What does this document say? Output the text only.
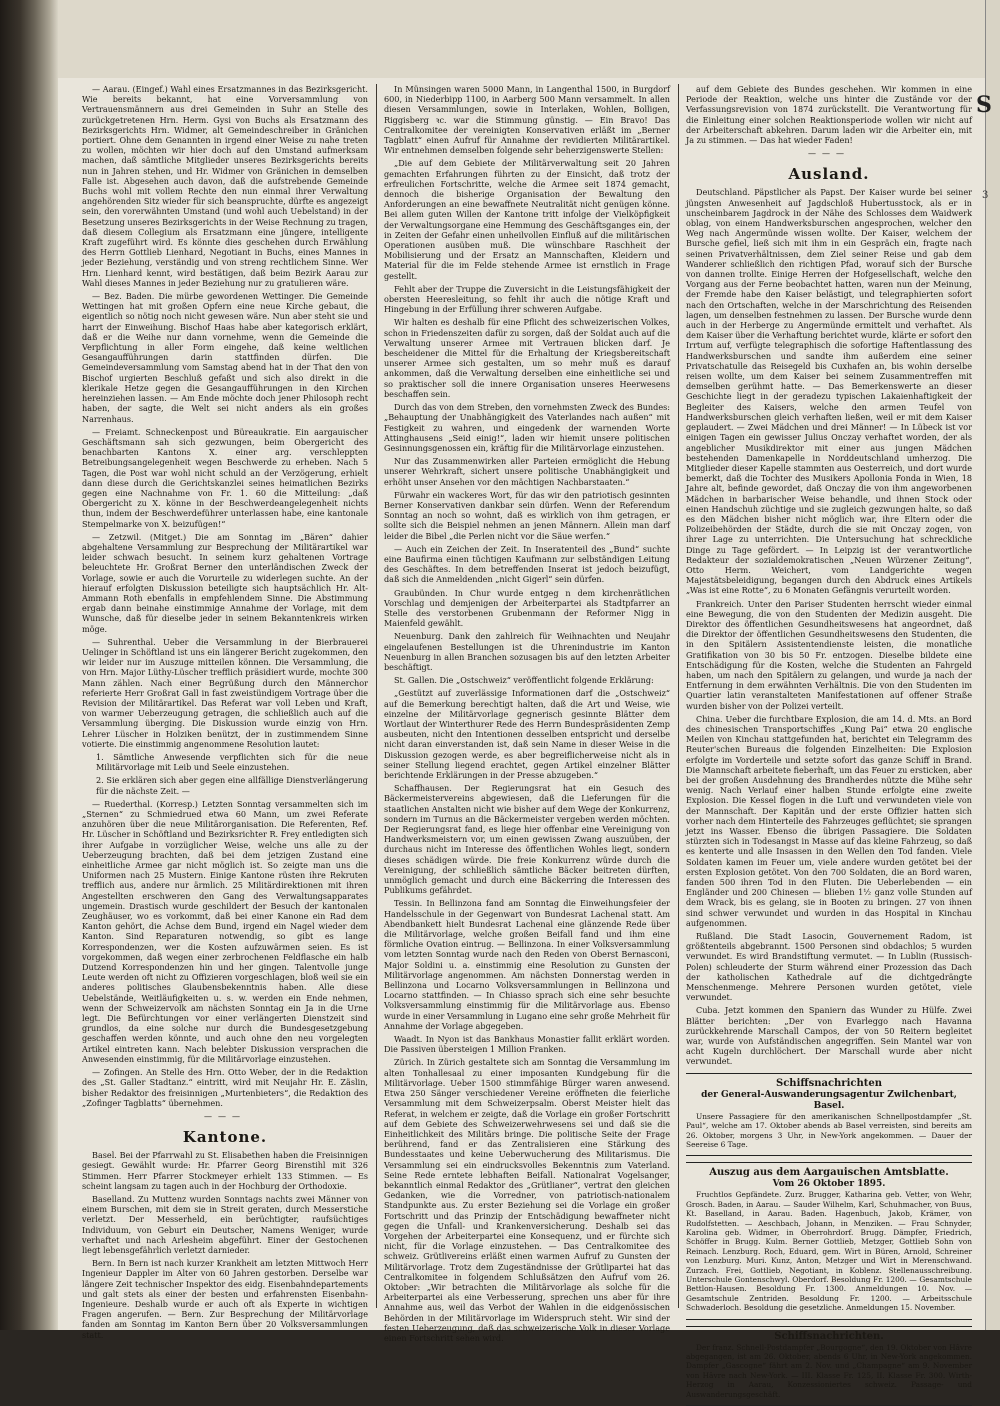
S
3

— Aarau. (Eingef.) Wahl eines Ersatzmannes in das Bezirksgericht. Wie bereits bekannt, hat eine Vorversammlung von Vertrauensmännern aus drei Gemeinden in Suhr an Stelle des zurückgetretenen Hrn. Herm. Gysi von Buchs als Ersatzmann des Bezirksgerichts Hrn. Widmer, alt Gemeindeschreiber in Gränichen portiert. Ohne dem Genannten in irgend einer Weise zu nahe treten zu wollen, möchten wir hier doch auf den Umstand aufmerksam machen, daß sämtliche Mitglieder unseres Bezirksgerichts bereits nun in Jahren stehen, und Hr. Widmer von Gränichen in demselben Falle ist. Abgesehen auch davon, daß die aufstrebende Gemeinde Buchs wohl mit vollem Rechte den nun einmal ihrer Verwaltung angehörenden Sitz wieder für sich beanspruchte, dürfte es angezeigt sein, den vorerwähnten Umstand (und wohl auch Uebelstand) in der Besetzung unseres Bezirksgerichts in der Weise Rechnung zu tragen, daß diesem Collegium als Ersatzmann eine jüngere, intelligente Kraft zugeführt wird. Es könnte dies geschehen durch Erwählung des Herrn Gottlieb Lienhard, Negotiant in Buchs, eines Mannes in jeder Beziehung, verständig und von streng rechtlichem Sinne. Wer Hrn. Lienhard kennt, wird bestätigen, daß beim Bezirk Aarau zur Wahl dieses Mannes in jeder Beziehung nur zu gratulieren wäre.

— Bez. Baden. Die mürbe gewordenen Wettinger. Die Gemeinde Wettingen hat mit großen Opfern eine neue Kirche gebaut, die eigentlich so nötig noch nicht gewesen wäre. Nun aber steht sie und harrt der Einweihung. Bischof Haas habe aber kategorisch erklärt, daß er die Weihe nur dann vornehme, wenn die Gemeinde die Verpflichtung in aller Form eingehe, daß keine weltlichen Gesangaufführungen darin stattfinden dürfen. Die Gemeindeversammlung vom Samstag abend hat in der That den von Bischof urgierten Beschluß gefaßt und sich also direkt in die klerikale Hetze gegen die Gesangaufführungen in den Kirchen hereinziehen lassen. — Am Ende möchte doch jener Philosoph recht haben, der sagte, die Welt sei nicht anders als ein großes Narrenhaus.

— Freiamt. Schneckenpost und Büreaukratie. Ein aargauischer Geschäftsmann sah sich gezwungen, beim Obergericht des benachbarten Kantons X. einer arg. verschleppten Betreibungsangelegenheit wegen Beschwerde zu erheben. Nach 5 Tagen, die Post war wohl nicht schuld an der Verzögerung, erhielt dann diese durch die Gerichtskanzlei seines heimatlichen Bezirks gegen eine Nachnahme von Fr. 1. 60 die Mitteilung: „daß Obergericht zu X. könne in der Beschwerdeangelegenheit nichts thun, indem der Beschwerdeführer unterlassen habe, eine kantonale Stempelmarke von X. beizufügen!“

— Zetzwil. (Mitget.) Die am Sonntag im „Bären“ dahier abgehaltene Versammlung zur Besprechung der Militärartikel war leider schwach besucht. In seinem kurz gehaltenen Vortrage beleuchtete Hr. Großrat Berner den unterländischen Zweck der Vorlage, sowie er auch die Vorurteile zu widerlegen suchte. An der hierauf erfolgten Diskussion beteiligte sich hauptsächlich Hr. Alt-Ammann Roth ebenfalls in empfehlendem Sinne. Die Abstimmung ergab dann beinahe einstimmige Annahme der Vorlage, mit dem Wunsche, daß für dieselbe jeder in seinem Bekanntenkreis wirken möge.

— Suhrenthal. Ueber die Versammlung in der Bierbrauerei Uelinger in Schöftland ist uns ein längerer Bericht zugekommen, den wir leider nur im Auszuge mitteilen können. Die Versammlung, die von Hrn. Major Lüthy-Lüscher trefflich präsidiert wurde, mochte 300 Mann zählen. Nach einer Begrüßung durch den Männerchor referierte Herr Großrat Gall in fast zweistündigem Vortrage über die Revision der Militärartikel. Das Referat war voll Leben und Kraft, von warmer Ueberzeugung getragen, die schließlich auch auf die Versammlung überging. Die Diskussion wurde einzig von Hrn. Lehrer Lüscher in Holziken benützt, der in zustimmendem Sinne votierte. Die einstimmig angenommene Resolution lautet:

1. Sämtliche Anwesende verpflichten sich für die neue Militärvorlage mit Leib und Seele einzustehen.
2. Sie erklären sich aber gegen eine allfällige Dienstverlängerung für die nächste Zeit. —

— Ruederthal. (Korresp.) Letzten Sonntag versammelten sich im „Sternen“ zu Schmiedrued etwa 60 Mann, um zwei Referate anzuhören über die neue Militärorganisation. Die Referenten, Ref. Hr. Lüscher in Schöftland und Bezirksrichter R. Frey entledigten sich ihrer Aufgabe in vorzüglicher Weise, welche uns alle zu der Ueberzeugung brachten, daß bei dem jetzigen Zustand eine einheitliche Armee gar nicht möglich ist. So zeigte man uns die Uniformen nach 25 Mustern. Einige Kantone rüsten ihre Rekruten trefflich aus, andere nur ärmlich. 25 Militärdirektionen mit ihren Angestellten erschweren den Gang des Verwaltungsapparates ungemein. Drastisch wurde geschildert der Besuch der kantonalen Zeughäuser, wo es vorkommt, daß bei einer Kanone ein Rad dem Kanton gehört, die Achse dem Bund, irgend ein Nagel wieder dem Kanton. Sind Reparaturen notwendig, so gibt es lange Korrespondenzen, wer die Kosten aufzuwärmen seien. Es ist vorgekommen, daß wegen einer zerbrochenen Feldflasche ein halb Dutzend Korrespondenzen hin und her gingen. Talentvolle junge Leute werden oft nicht zu Offizieren vorgeschlagen, bloß weil sie ein anderes politisches Glaubensbekenntnis haben. Alle diese Uebelstände, Weitläufigkeiten u. s. w. werden ein Ende nehmen, wenn der Schweizervolk am nächsten Sonntag ein Ja in die Urne legt. Die Befürchtungen vor einer verlängerten Dienstzeit sind grundlos, da eine solche nur durch die Bundesgesetzgebung geschaffen werden könnte, und auch ohne den neu vorgelegten Artikel eintreten kann. Nach belebter Diskussion versprachen die Anwesenden einstimmig, für die Militärvorlage einzustehen.

— Zofingen. An Stelle des Hrn. Otto Weber, der in die Redaktion des „St. Galler Stadtanz.“ eintritt, wird mit Neujahr Hr. E. Zäslin, bisher Redaktor des freisinnigen „Murtenbieters“, die Redaktion des „Zofinger Tagblatts“ übernehmen.

———
Kantone.

Basel. Bei der Pfarrwahl zu St. Elisabethen haben die Freisinnigen gesiegt. Gewählt wurde: Hr. Pfarrer Georg Birenstihl mit 326 Stimmen. Herr Pfarrer Stockmeyer erhielt 133 Stimmen. — Es scheint langsam zu tagen auch in der Hochburg der Orthodoxie.

Baselland. Zu Muttenz wurden Sonntags nachts zwei Männer von einem Burschen, mit dem sie in Streit geraten, durch Messerstiche verletzt. Der Messerheld, ein berüchtigter, raufsüchtiges Individuum, von Geburt ein Deutscher, Namens Weniger, wurde verhaftet und nach Arlesheim abgeführt. Einer der Gestochenen liegt lebensgefährlich verletzt darnieder.

Bern. In Bern ist nach kurzer Krankheit am letzten Mittwoch Herr Ingenieur Dappler im Alter von 60 Jahren gestorben. Derselbe war längere Zeit technischer Inspektor des eidg. Eisenbahndepartements und galt stets als einer der besten und erfahrensten Eisenbahn-Ingenieure. Deshalb wurde er auch oft als Experte in wichtigen Fragen angerufen. — Bern. Zur Besprechung der Militärvorlage fanden am Sonntag im Kanton Bern über 20 Volksversammlungen statt.

In Münsingen waren 5000 Mann, in Langenthal 1500, in Burgdorf 600, in Niederbipp 1100, in Aarberg 500 Mann versammelt. In allen diesen Versammlungen, sowie in Interlaken, Wohlen, Bolligen, Riggisberg ꝛc. war die Stimmung günstig. — Ein Bravo! Das Centralkomitee der vereinigten Konservativen erläßt im „Berner Tagblatt“ einen Aufruf für Annahme der revidierten Militärartikel. Wir entnehmen demselben folgende sehr beherzigenswerte Stellen:

„Die auf dem Gebiete der Militärverwaltung seit 20 Jahren gemachten Erfahrungen führten zu der Einsicht, daß trotz der erfreulichen Fortschritte, welche die Armee seit 1874 gemacht, dennoch die bisherige Organisation der Bewaltung den Anforderungen an eine bewaffnete Neutralität nicht genügen könne. Bei allem guten Willen der Kantone tritt infolge der Vielköpfigkeit der Verwaltungsorgane eine Hemmung des Geschäftsganges ein, der in Zeiten der Gefahr einen unheilvollen Einfluß auf die militärischen Operationen ausüben muß. Die wünschbare Raschheit der Mobilisierung und der Ersatz an Mannschaften, Kleidern und Material für die im Felde stehende Armee ist ernstlich in Frage gestellt.

Fehlt aber der Truppe die Zuversicht in die Leistungsfähigkeit der obersten Heeresleitung, so fehlt ihr auch die nötige Kraft und Hingebung in der Erfüllung ihrer schweren Aufgabe.

Wir halten es deshalb für eine Pflicht des schweizerischen Volkes, schon in Friedenszeiten dafür zu sorgen, daß der Soldat auch auf die Verwaltung unserer Armee mit Vertrauen blicken darf. Je bescheidener die Mittel für die Erhaltung der Kriegsbereitschaft unserer Armee sich gestalten, um so mehr muß es darauf ankommen, daß die Verwaltung derselben eine einheitliche sei und so praktischer soll die innere Organisation unseres Heerwesens beschaffen sein.

Durch das von dem Streben, den vornehmsten Zweck des Bundes: „Behauptung der Unabhängigkeit des Vaterlandes nach außen“ mit Festigkeit zu wahren, und eingedenk der warnenden Worte Attinghausens „Seid einig!“, laden wir hiemit unsere politischen Gesinnungsgenossen ein, kräftig für die Militärvorlage einzustehen.

Nur das Zusammenwirken aller Parteien ermöglicht die Hebung unserer Wehrkraft, sichert unsere politische Unabhängigkeit und erhöht unser Ansehen vor den mächtigen Nachbarstaaten.“

Fürwahr ein wackeres Wort, für das wir den patriotisch gesinnten Berner Konservativen dankbar sein dürfen. Wenn der Referendum Sonntag an noch so wohnt, daß es wirklich von ihm getragen, er sollte sich die Beispiel nehmen an jenen Männern. Allein man darf leider die Bibel „die Perlen nicht vor die Säue werfen.“

— Auch ein Zeichen der Zeit. In Inseratenteil des „Bund“ suchte eine Baufirma einen tüchtigen Kaufmann zur selbständigen Leitung des Geschäftes. In dem betreffenden Inserat ist jedoch beizufügt, daß sich die Anmeldenden „nicht Gigerl“ sein dürfen.

Graubünden. In Chur wurde entgeg n dem kirchenrätlichen Vorschlag und demjenigen der Arbeiterpartei als Stadtpfarrer an Stelle des verstorbenen Grubenmann der Reformer Nigg in Maienfeld gewählt.

Neuenburg. Dank den zahlreich für Weihnachten und Neujahr eingelaufenen Bestellungen ist die Uhrenindustrie im Kanton Neuenburg in allen Branchen sozusagen bis auf den letzten Arbeiter beschäftigt.

St. Gallen. Die „Ostschweiz“ veröffentlicht folgende Erklärung:

„Gestützt auf zuverlässige Informationen darf die „Ostschweiz“ auf die Bemerkung berechtigt halten, daß die Art und Weise, wie einzelne der Militärvorlage gegnerisch gesinnte Blätter dem Wortlaut der Winterthurer Rede des Herrn Bundespräsidenten Zemp ausbeuten, nicht den Intentionen desselben entspricht und derselbe nicht daran einverstanden ist, daß sein Name in dieser Weise in die Diskussion gezogen werde, es aber begreiflicherweise nicht als in seiner Stellung liegend erachtet, gegen Artikel einzelner Blätter berichtende Erklärungen in der Presse abzugeben.“

Schaffhausen. Der Regierungsrat hat ein Gesuch des Bäckermeistervereins abgewiesen, daß die Lieferungen für die staatlichen Anstalten nicht wie bisher auf dem Wege der Konkurrenz, sondern im Turnus an die Bäckermeister vergeben werden möchten. Der Regierungsrat fand, es liege hier offenbar eine Vereinigung von Handwerksmeistern vor, um einen gewissen Zwang auszuüben, der durchaus nicht im Interesse des öffentlichen Wohles liegt, sondern dieses schädigen würde. Die freie Konkurrenz würde durch die Vereinigung, der schließlich sämtliche Bäcker beitreten dürften, unmöglich gemacht und durch eine Bäckerring die Interessen des Publikums gefährdet.

Tessin. In Bellinzona fand am Sonntag die Einweihungsfeier der Handelsschule in der Gegenwart von Bundesrat Lachenal statt. Am Abendbankett hielt Bundesrat Lachenal eine glänzende Rede über die Militärvorlage, welche großen Beifall fand und ihm eine förmliche Ovation eintrug. — Bellinzona. In einer Volksversammlung vom letzten Sonntag wurde nach den Reden von Oberst Bernasconi, Major Soldini u. a. einstimmig eine Resolution zu Gunsten der Militärvorlage angenommen. Am nächsten Donnerstag werden in Bellinzona und Locarno Volksversammlungen in Bellinzona und Locarno stattfinden. — In Chiasso sprach sich eine sehr besuchte Volksversammlung einstimmig für die Militärvorlage aus. Ebenso wurde in einer Versammlung in Lugano eine sehr große Mehrheit für Annahme der Vorlage abgegeben.

Waadt. In Nyon ist das Bankhaus Monastier fallit erklärt worden. Die Passiven übersteigen 1 Million Franken.

Zürich. In Zürich gestaltete sich am Sonntag die Versammlung im alten Tonhallesaal zu einer imposanten Kundgebung für die Militärvorlage. Ueber 1500 stimmfähige Bürger waren anwesend. Etwa 250 Sänger verschiedener Vereine eröffneten die feierliche Versammlung mit dem Schweizerpsalm. Oberst Meister hielt das Referat, in welchem er zeigte, daß die Vorlage ein großer Fortschritt auf dem Gebiete des Schweizerwehrwesens sei und daß sie die Einheitlichkeit des Militärs bringe. Die politische Seite der Frage berührend, fand er das Zentralisieren eine Stärkung des Bundesstaates und keine Ueberwucherung des Militarismus. Die Versammlung sei ein eindrucksvolles Bekenntnis zum Vaterland. Seine Rede erntete lebhaften Beifall. Nationalrat Vogelsanger, bekanntlich einmal Redaktor des „Grütlianer“, vertrat den gleichen Gedanken, wie die Vorredner, von patriotisch-nationalem Standpunkte aus. Zu erster Beziehung sei die Vorlage ein großer Fortschritt und das Prinzip der Entschädigung bewaffneter nicht gegen die Unfall- und Krankenversicherung. Deshalb sei das Vorgehen der Arbeiterpartei eine Konsequenz, und er fürchte sich nicht, für die Vorlage einzustehen. — Das Centralkomitee des schweiz. Grütlivereins erläßt einen warmen Aufruf zu Gunsten der Militärvorlage. Trotz dem Zugeständnisse der Grütlipartei hat das Centralkomitee in folgendem Schlußsätzen den Aufruf vom 26. Oktober: „Wir betrachten die Militärvorlage als solche für die Arbeiterpartei als eine Verbesserung, sprechen uns aber für ihre Annahme aus, weil das Verbot der Wahlen in die eidgenössischen Behörden in der Militärvorlage im Widerspruch steht. Wir sind der festen Ueberzeugung, daß das schweizerische Volk in dieser Vorlage einen Fortschritt sehen wird.

auf dem Gebiete des Bundes geschehen. Wir kommen in eine Periode der Reaktion, welche uns hinter die Zustände vor der Verfassungsrevision von 1874 zurückstellt. Die Verantwortung für die Einleitung einer solchen Reaktionsperiode wollen wir nicht auf der Arbeiterschaft abkehren. Darum laden wir die Arbeiter ein, mit Ja zu stimmen. — Das hat wieder Faden!

———
Ausland.

Deutschland. Päpstlicher als Papst. Der Kaiser wurde bei seiner jüngsten Anwesenheit auf Jagdschloß Hubertusstock, als er in unscheinbarem Jagdrock in der Nähe des Schlosses dem Waidwerk oblag, von einem Handwerksburschen angesprochen, welcher den Weg nach Angermünde wissen wollte. Der Kaiser, welchem der Bursche gefiel, ließ sich mit ihm in ein Gespräch ein, fragte nach seinen Privatverhältnissen, dem Ziel seiner Reise und gab dem Wanderer schließlich den richtigen Pfad, worauf sich der Bursche von dannen trollte. Einige Herren der Hofgesellschaft, welche den Vorgang aus der Ferne beobachtet hatten, waren nun der Meinung, der Fremde habe den Kaiser belästigt, und telegraphierten sofort nach den Ortschaften, welche in der Marschrichtung des Reisenden lagen, um denselben festnehmen zu lassen. Der Bursche wurde denn auch in der Herberge zu Angermünde ermittelt und verhaftet. Als dem Kaiser über die Verhaftung berichtet wurde, klärte er sofort den Irrtum auf, verfügte telegraphisch die sofortige Haftentlassung des Handwerksburschen und sandte ihm außerdem eine seiner Privatschatulle das Reisegeld bis Cuxhafen an, bis wohin derselbe reisen wollte, um dem Kaiser bei seinem Zusammentreffen mit demselben gerühmt hatte. — Das Bemerkenswerte an dieser Geschichte liegt in der geradezu typischen Lakaienhaftigkeit der Begleiter des Kaisers, welche den armen Teufel von Handwerksburschen gleich verhaften ließen, weil er mit dem Kaiser geplaudert. — Zwei Mädchen und drei Männer! — In Lübeck ist vor einigen Tagen ein gewisser Julius Onczay verhaftet worden, der als angeblicher Musikdirektor mit einer aus jungen Mädchen bestehenden Damenkapelle in Norddeutschland umherzog. Die Mitglieder dieser Kapelle stammten aus Oesterreich, und dort wurde bemerkt, daß die Tochter des Musikers Apollonia Fonda in Wien, 18 Jahre alt, befinde gewordet, daß Onczay die von ihm angeworbenen Mädchen in barbarischer Weise behandle, und ihnen Stock oder einen Handschuh züchtige und sie zugleich gezwungen halte, so daß es den Mädchen bisher nicht möglich war, ihre Eltern oder die Polizeibehörden der Städte, durch die sie mit Onczay zogen, von ihrer Lage zu unterrichten. Die Untersuchung hat schreckliche Dinge zu Tage gefördert. — In Leipzig ist der verantwortliche Redakteur der sozialdemokratischen „Neuen Würzener Zeitung“, Otto Herm. Weichert, vom Landgerichte wegen Majestätsbeleidigung, begangen durch den Abdruck eines Artikels „Was ist eine Rotte“, zu 6 Monaten Gefängnis verurteilt worden.

Frankreich. Unter den Pariser Studenten herrscht wieder einmal eine Bewegung, die von den Studenten der Medizin ausgeht. Die Direktor des öffentlichen Gesundheitswesens hat angeordnet, daß die Direktor der öffentlichen Gesundheitswesens den Studenten, die in den Spitälern Assistentendienste leisten, die monatliche Gratifikation von 30 bis 50 Fr. entzogen. Dieselbe bildete eine Entschädigung für die Kosten, welche die Studenten an Fahrgeld haben, um nach den Spitälern zu gelangen, und wurde ja nach der Entfernung in dem erwähnten Verhältnis. Die von den Studenten im Quartier latin veranstalteten Manifestationen auf offener Straße wurden bisher von der Polizei verteilt.

China. Ueber die furchtbare Explosion, die am 14. d. Mts. an Bord des chinesischen Transportschiffes „Kung Pai“ etwa 20 englische Meilen von Kinchau stattgefunden hat, berichtet ein Telegramm des Reuter'schen Bureaus die folgenden Einzelheiten: Die Explosion erfolgte im Vorderteile und setzte sofort das ganze Schiff in Brand. Die Mannschaft arbeitete fieberhaft, um das Feuer zu ersticken, aber bei der großen Ausdehnung des Brandherdes nützte die Mühe sehr wenig. Nach Verlauf einer halben Stunde erfolgte eine zweite Explosion. Die Kessel flogen in die Luft und verwundeten viele von der Mannschaft. Der Kapitän und der erste Offizier hatten sich vorher nach dem Hinterteile des Fahrzeuges geflüchtet; sie sprangen jetzt ins Wasser. Ebenso die übrigen Passagiere. Die Soldaten stürzten sich in Todesangst in Masse auf das kleine Fahrzeug, so daß es kenterte und alle Insassen in den Wellen den Tod fanden. Viele Soldaten kamen im Feuer um, viele andere wurden getötet bei der ersten Explosion getötet. Von den 700 Soldaten, die an Bord waren, fanden 500 ihren Tod in den Fluten. Die Ueberlebenden — ein Engländer und 200 Chinesen — blieben 1½ ganz volle Stunden auf dem Wrack, bis es gelang, sie in Booten zu bringen. 27 von ihnen sind schwer verwundet und wurden in das Hospital in Kinchau aufgenommen.

Rußland. Die Stadt Lasocin, Gouvernement Radom, ist größtenteils abgebrannt. 1500 Personen sind obdachlos; 5 wurden verwundet. Es wird Brandstiftung vermutet. — In Lublin (Russisch-Polen) schleuderte der Sturm während einer Prozession das Dach der katholischen Kathedrale auf die dichtgedrängte Menschenmenge. Mehrere Personen wurden getötet, viele verwundet.

Cuba. Jetzt kommen den Spaniern das Wunder zu Hülfe. Zwei Blätter berichten: „Der von Evarleggo nach Havanna zurückkehrende Marschall Campos, der von 50 Reitern begleitet war, wurde von Aufständischen angegriffen. Sein Mantel war von acht Kugeln durchlöchert. Der Marschall wurde aber nicht verwundet.

Schiffsnachrichten
der General-Auswanderungsagentur Zwilchenbart, Basel.

Unsere Passagiere für den amerikanischen Schnellpostdampfer „St. Paul“, welche am 17. Oktober abends ab Basel verreisten, sind bereits am 26. Oktober, morgens 3 Uhr, in New-York angekommen. — Dauer der Seereise 6 Tage.

Auszug aus dem Aargauischen Amtsblatte.
Vom 26 Oktober 1895.

Fruchtlos Gepfändete. Zurz. Brugger, Katharina geb. Vetter, von Wehr, Grosch. Baden, in Aarau. — Sauder Wilhelm, Karl, Schuhmacher, von Buus, Kt. Baselland, in Aarau. Baden. Hagenbuch, Jakob, Krämer, von Rudolfstetten. — Aeschbach, Johann, in Menziken. — Frau Schnyder, Karolina geb. Widmer, in Oberrohrdorf. Brugg. Dämpfer, Friedrich, Schöffer in Brugg. Kulm. Berner Gottlieb, Metzger, Gottlieb Sohn von Reinach. Lenzburg. Roch, Eduard, gem. Wirt in Büren, Arnold, Schreiner von Lenzburg. Muri. Kunz, Anton, Metzger und Wirt in Merenschwand. Zurzach. Frei, Gottlieb, Negotiant, in Koblenz. Stellenausschreibung. Unterschule Gontenschwyl. Oberdorf. Besoldung Fr. 1200. — Gesamtschule Bettlon-Hausen. Besoldung Fr. 1300. Anmeldungen 10. Nov. — Gesamtschule Zentriden. Besoldung Fr. 1200. — Arbeitsschule Schwaderloch. Besoldung die gesetzliche. Anmeldungen 15. November.

Schiffsnachrichten.

Der franz. Schnell-Postdampfer „Bourgogne“, den 19. Oktober von Hâvre abgegangen, ist am 26. Oktober, abends 6 Uhr, in New-York angekommen. Dampfer „Gascogne“ fährt am 2. Nov. und „Champagne“ am 9. November von Hâvre nach New-York. — III. Klasse Fr. 125, II. Klasse Fr. 300. Wirth-Herzog in Aarau, Konzessioniertes schweiz. Passage- und Auswanderungsgeschäft.
